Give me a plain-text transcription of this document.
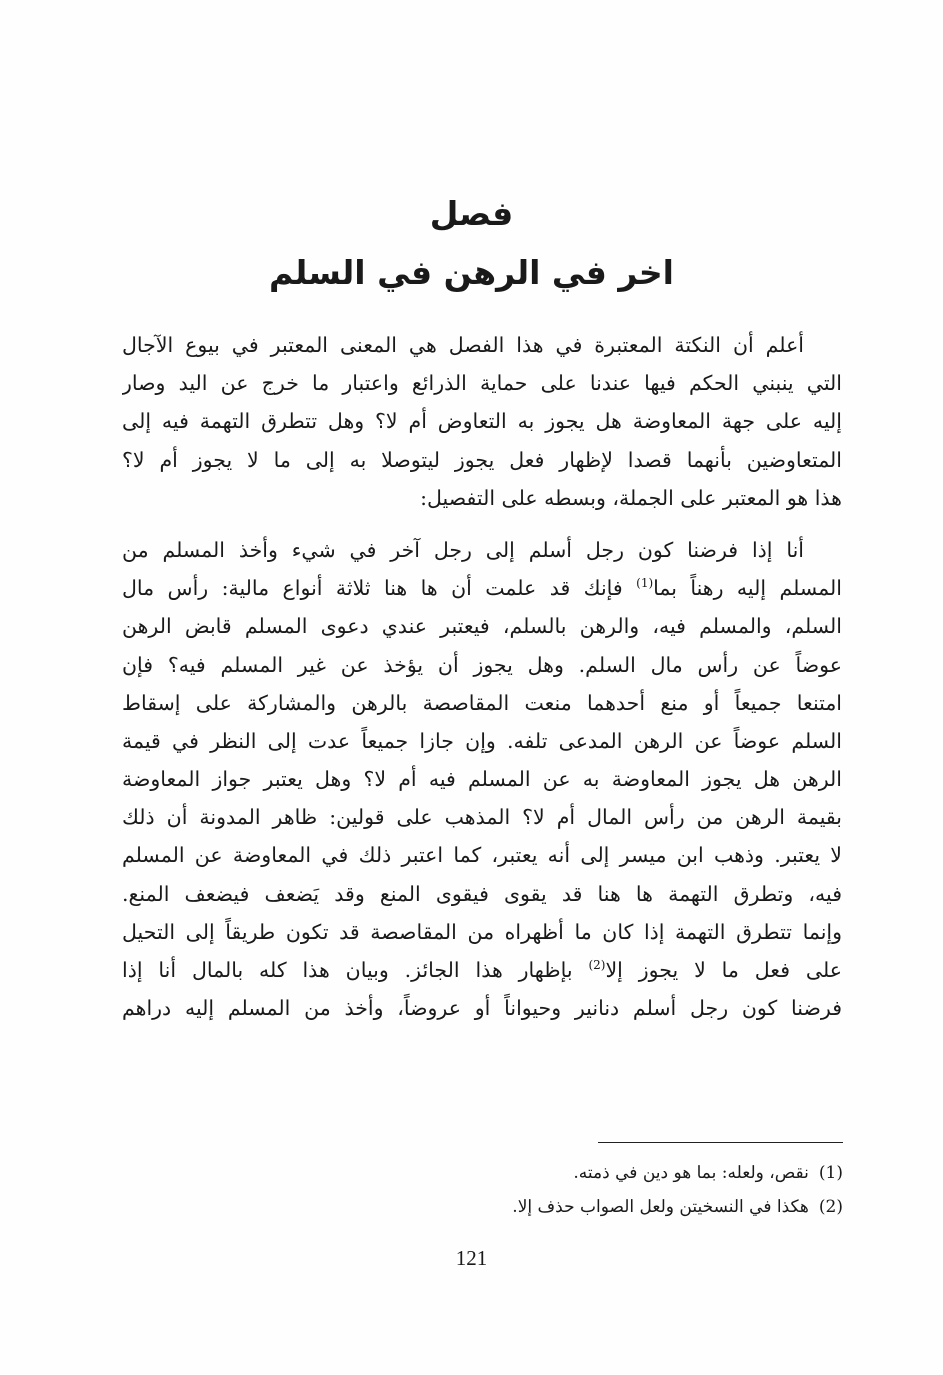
فصل

اخر في الرهن في السلم

أعلم أن النكتة المعتبرة في هذا الفصل هي المعنى المعتبر في بيوع الآجال
التي ينبني الحكم فيها عندنا على حماية الذرائع واعتبار ما خرج عن اليد وصار
إليه على جهة المعاوضة هل يجوز به التعاوض أم لا؟ وهل تتطرق التهمة فيه إلى
المتعاوضين بأنهما قصدا لإظهار فعل يجوز ليتوصلا به إلى ما لا يجوز أم لا؟
هذا هو المعتبر على الجملة، وبسطه على التفصيل:
أنا إذا فرضنا كون رجل أسلم إلى رجل آخر في شيء وأخذ المسلم من
المسلم إليه رهناً بما$^{(1)}$ فإنك قد علمت أن ها هنا ثلاثة أنواع مالية: رأس مال
السلم، والمسلم فيه، والرهن بالسلم، فيعتبر عندي دعوى المسلم قابض الرهن
عوضاً عن رأس مال السلم. وهل يجوز أن يؤخذ عن غير المسلم فيه؟ فإن
امتنعا جميعاً أو منع أحدهما منعت المقاصصة بالرهن والمشاركة على إسقاط
السلم عوضاً عن الرهن المدعى تلفه. وإن جازا جميعاً عدت إلى النظر في قيمة
الرهن هل يجوز المعاوضة به عن المسلم فيه أم لا؟ وهل يعتبر جواز المعاوضة
بقيمة الرهن من رأس المال أم لا؟ المذهب على قولين: ظاهر المدونة أن ذلك
لا يعتبر. وذهب ابن ميسر إلى أنه يعتبر، كما اعتبر ذلك في المعاوضة عن المسلم
فيه، وتطرق التهمة ها هنا قد يقوى فيقوى المنع وقد يَضعف فيضعف المنع.
وإنما تتطرق التهمة إذا كان ما أظهراه من المقاصصة قد تكون طريقاً إلى التحيل
على فعل ما لا يجوز إلا$^{(2)}$ بإظهار هذا الجائز. وبيان هذا كله بالمال أنا إذا
فرضنا كون رجل أسلم دنانير وحيواناً أو عروضاً، وأخذ من المسلم إليه دراهم
(1)نقص، ولعله: بما هو دين في ذمته.
(2)هكذا في النسخيتن ولعل الصواب حذف إلا.
121
